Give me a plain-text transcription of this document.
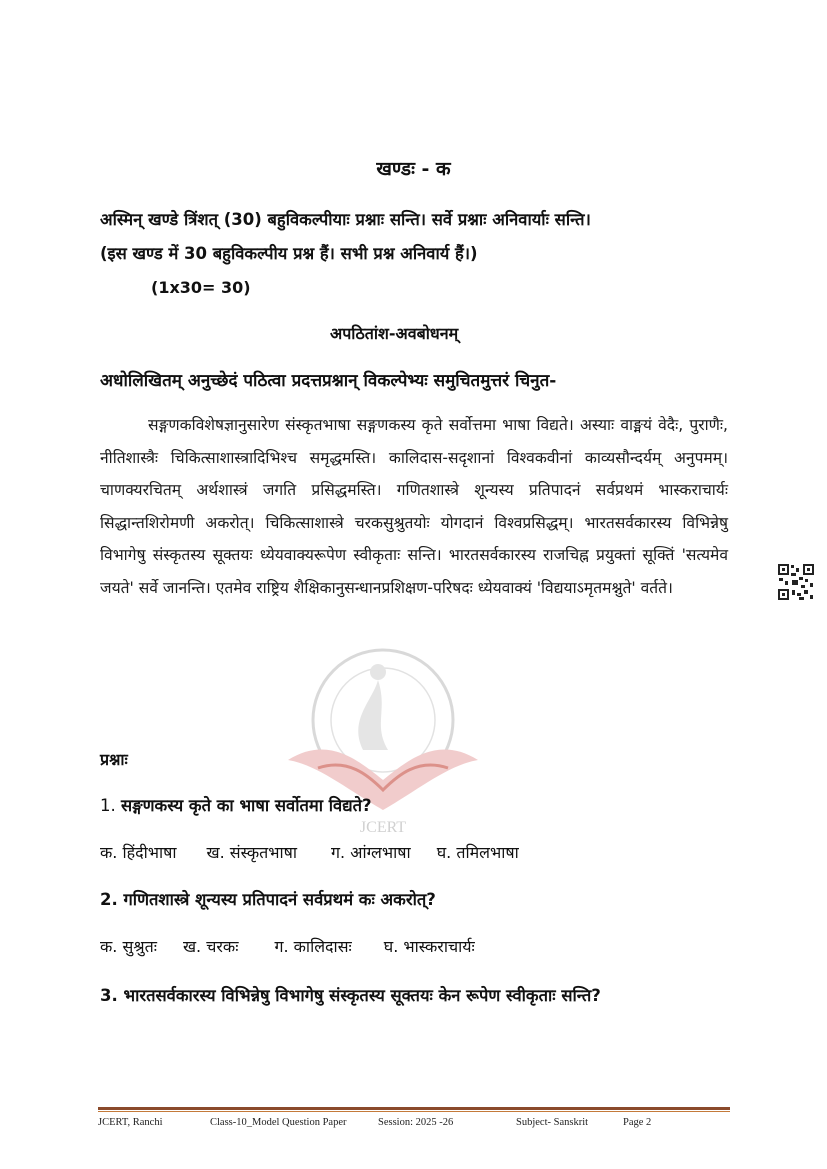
खण्डः - क
अस्मिन् खण्डे त्रिंशत् (30) बहुविकल्पीयाः प्रश्नाः सन्ति। सर्वे प्रश्नाः अनिवार्याः सन्ति।
(इस खण्ड में 30 बहुविकल्पीय प्रश्न हैं। सभी प्रश्न अनिवार्य हैं।)
(1x30= 30)
अपठितांश-अवबोधनम्
अधोलिखितम् अनुच्छेदं पठित्वा प्रदत्तप्रश्नान् विकल्पेभ्यः समुचितमुत्तरं चिनुत-
सङ्गणकविशेषज्ञानुसारेण संस्कृतभाषा सङ्गणकस्य कृते सर्वोत्तमा भाषा विद्यते। अस्याः वाङ्मयं वेदैः, पुराणैः, नीतिशास्त्रैः चिकित्साशास्त्रादिभिश्च समृद्धमस्ति। कालिदास-सदृशानां विश्वकवीनां काव्यसौन्दर्यम् अनुपमम्। चाणक्यरचितम् अर्थशास्त्रं जगति प्रसिद्धमस्ति। गणितशास्त्रे शून्यस्य प्रतिपादनं सर्वप्रथमं भास्कराचार्यः सिद्धान्तशिरोमणी अकरोत्। चिकित्साशास्त्रे चरकसुश्रुतयोः योगदानं विश्वप्रसिद्धम्। भारतसर्वकारस्य विभिन्नेषु विभागेषु संस्कृतस्य सूक्तयः ध्येयवाक्यरूपेण स्वीकृताः सन्ति। भारतसर्वकारस्य राजचिह्न प्रयुक्तां सूक्तिं 'सत्यमेव जयते' सर्वे जानन्ति। एतमेव राष्ट्रिय शैक्षिकानुसन्धानप्रशिक्षण-परिषदः ध्येयवाक्यं 'विद्ययाऽमृतमश्नुते' वर्तते।
JCERT
प्रश्नाः
1. सङ्गणकस्य कृते का भाषा सर्वोतमा विद्यते?
क. हिंदीभाषा ख. संस्कृतभाषा ग. आंग्लभाषा घ. तमिलभाषा
2. गणितशास्त्रे शून्यस्य प्रतिपादनं सर्वप्रथमं कः अकरोत्?
क. सुश्रुतः ख. चरकः ग. कालिदासः घ. भास्कराचार्यः
3. भारतसर्वकारस्य विभिन्नेषु विभागेषु संस्कृतस्य सूक्तयः केन रूपेण स्वीकृताः सन्ति?
JCERT, Ranchi	Class-10_Model Question Paper	Session: 2025 -26	Subject- Sanskrit	Page 2
